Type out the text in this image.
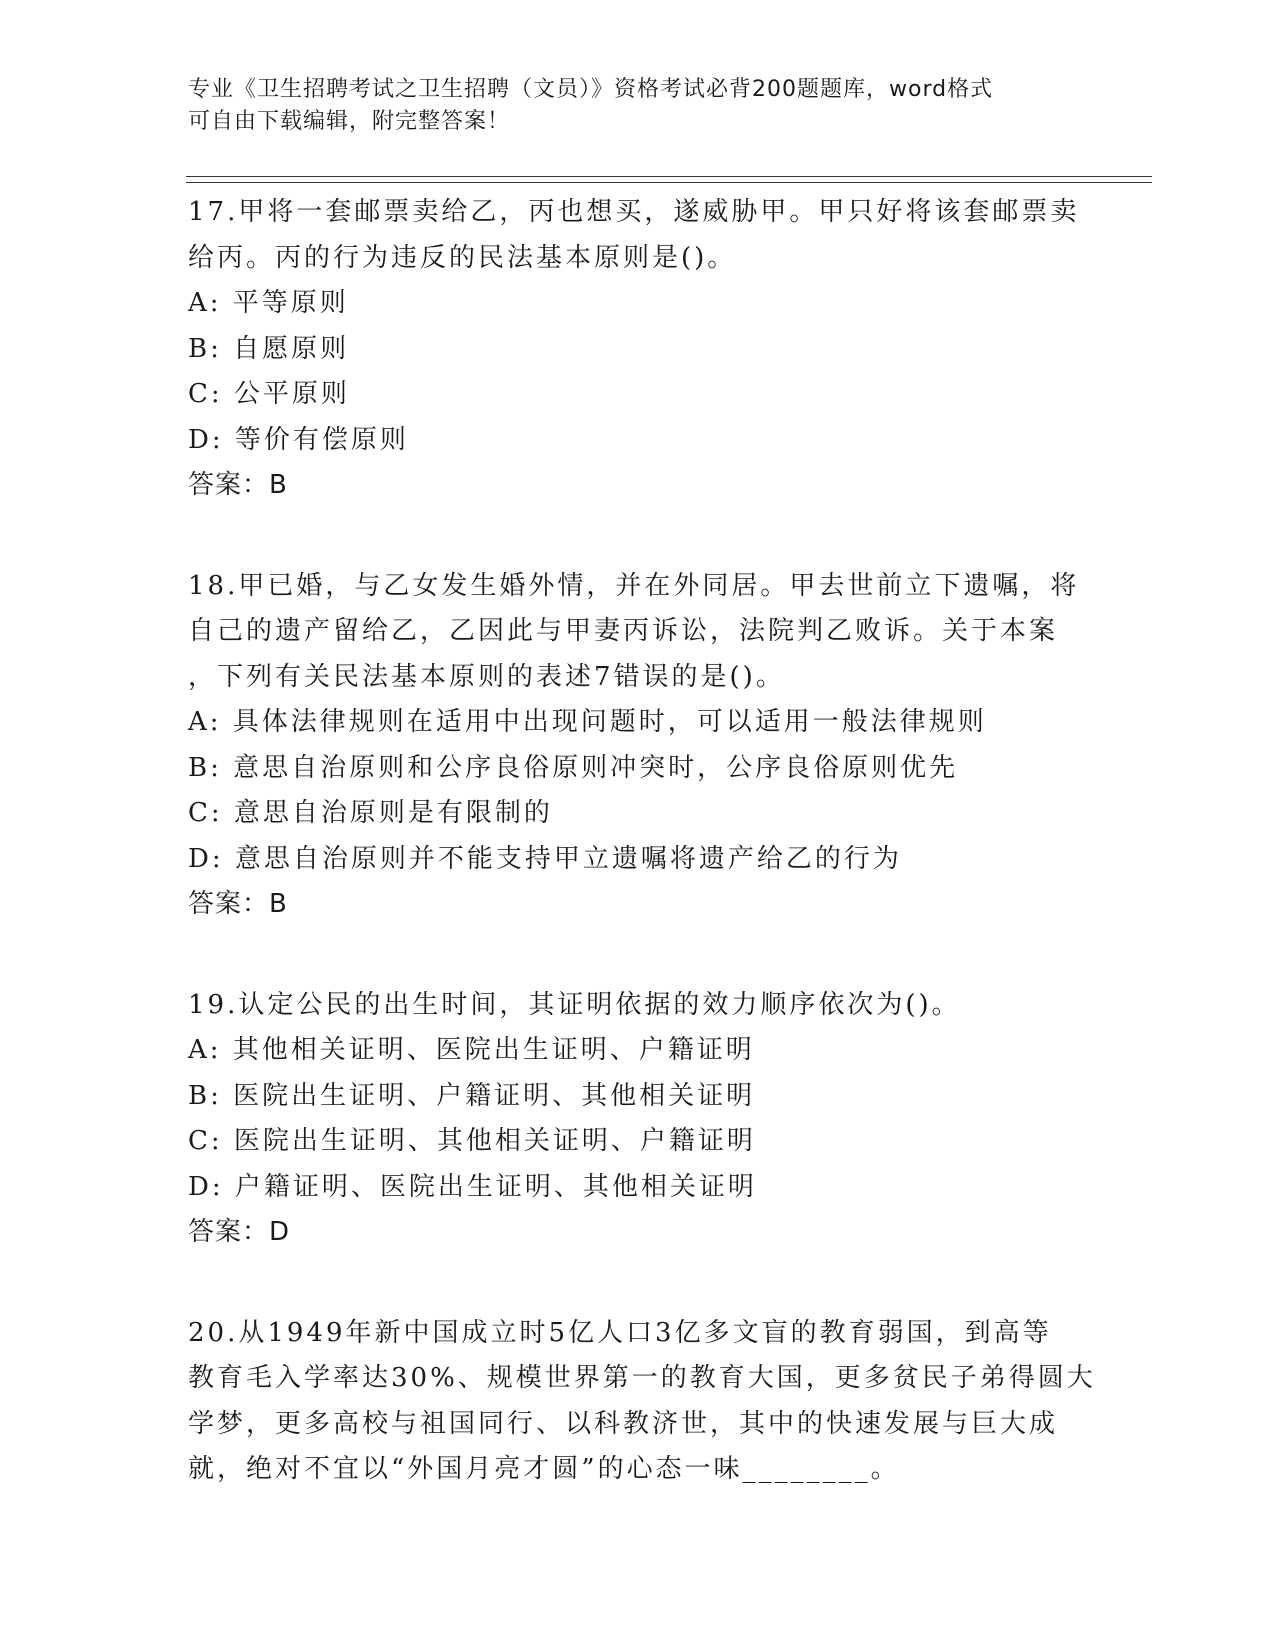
专业《卫生招聘考试之卫生招聘（文员）》资格考试必背200题题库，word格式
可自由下载编辑，附完整答案！
17.甲将一套邮票卖给乙，丙也想买，遂威胁甲。甲只好将该套邮票卖
给丙。丙的行为违反的民法基本原则是()。
A: 平等原则
B: 自愿原则
C: 公平原则
D: 等价有偿原则
答案：B
18.甲已婚，与乙女发生婚外情，并在外同居。甲去世前立下遗嘱，将
自己的遗产留给乙，乙因此与甲妻丙诉讼，法院判乙败诉。关于本案
，下列有关民法基本原则的表述7错误的是()。
A: 具体法律规则在适用中出现问题时，可以适用一般法律规则
B: 意思自治原则和公序良俗原则冲突时，公序良俗原则优先
C: 意思自治原则是有限制的
D: 意思自治原则并不能支持甲立遗嘱将遗产给乙的行为
答案：B
19.认定公民的出生时间，其证明依据的效力顺序依次为()。
A: 其他相关证明、医院出生证明、户籍证明
B: 医院出生证明、户籍证明、其他相关证明
C: 医院出生证明、其他相关证明、户籍证明
D: 户籍证明、医院出生证明、其他相关证明
答案：D
20.从1949年新中国成立时5亿人口3亿多文盲的教育弱国，到高等
教育毛入学率达30%、规模世界第一的教育大国，更多贫民子弟得圆大
学梦，更多高校与祖国同行、以科教济世，其中的快速发展与巨大成
就，绝对不宜以“外国月亮才圆”的心态一味________。
